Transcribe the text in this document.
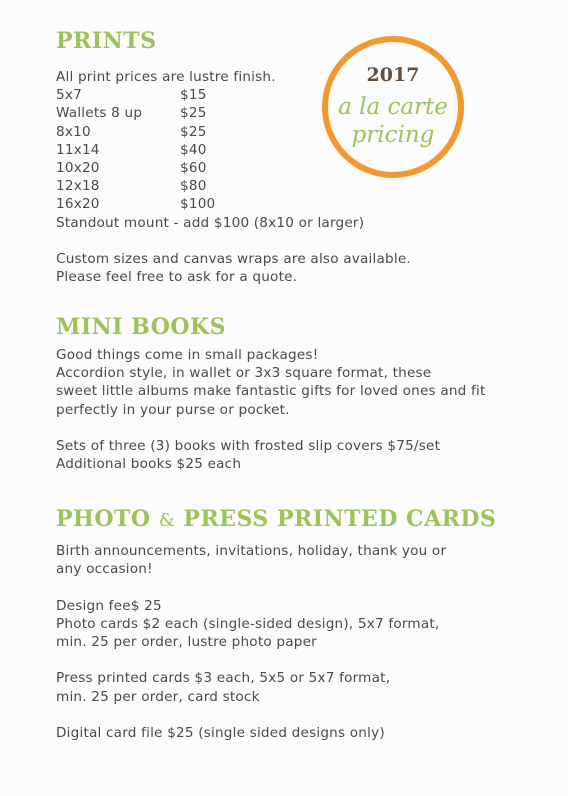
PRINTS
All print prices are lustre finish.
5x7	$15
Wallets 8 up	$25
8x10	$25
11x14	$40
10x20	$60
12x18	$80
16x20	$100
Standout mount - add $100 (8x10 or larger)
Custom sizes and canvas wraps are also available.
Please feel free to ask for a quote.
2017
a la carte
pricing
MINI BOOKS
Good things come in small packages!
Accordion style, in wallet or 3x3 square format, these
sweet little albums make fantastic gifts for loved ones and fit
perfectly in your purse or pocket.
Sets of three (3) books with frosted slip covers $75/set
Additional books $25 each
PHOTO & PRESS PRINTED CARDS
Birth announcements, invitations, holiday, thank you or
any occasion!
Design fee$ 25
Photo cards $2 each (single-sided design), 5x7 format,
min. 25 per order, lustre photo paper
Press printed cards $3 each, 5x5 or 5x7 format,
min. 25 per order, card stock
Digital card file $25 (single sided designs only)
